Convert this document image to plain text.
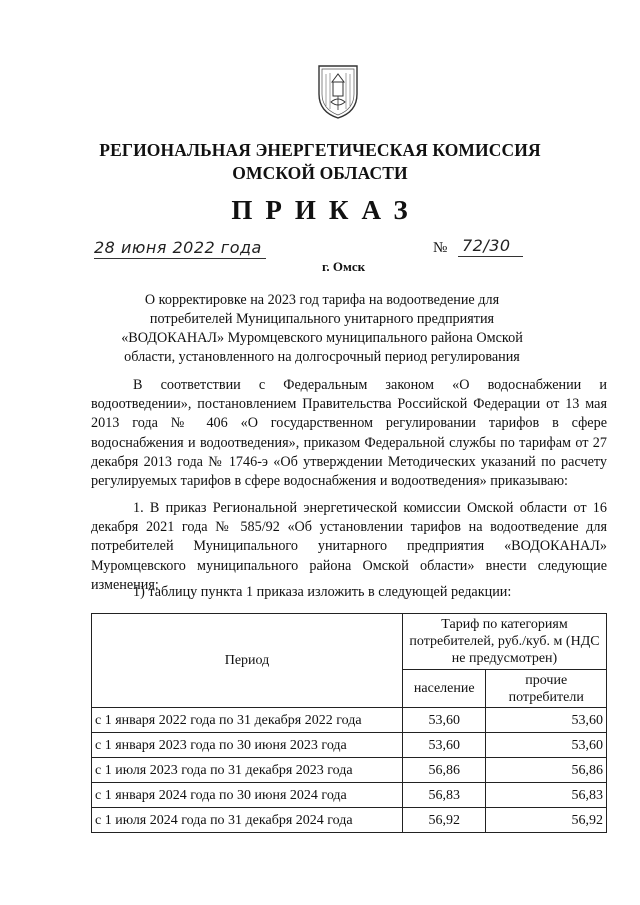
РЕГИОНАЛЬНАЯ ЭНЕРГЕТИЧЕСКАЯ КОМИССИЯ
ОМСКОЙ ОБЛАСТИ
ПРИКАЗ
28 июня 2022 года	№ 72/30
г. Омск
О корректировке на 2023 год тарифа на водоотведение для потребителей Муниципального унитарного предприятия «ВОДОКАНАЛ» Муромцевского муниципального района Омской области, установленного на долгосрочный период регулирования
В соответствии с Федеральным законом «О водоснабжении и водоотведении», постановлением Правительства Российской Федерации от 13 мая 2013 года № 406 «О государственном регулировании тарифов в сфере водоснабжения и водоотведения», приказом Федеральной службы по тарифам от 27 декабря 2013 года № 1746-э «Об утверждении Методических указаний по расчету регулируемых тарифов в сфере водоснабжения и водоотведения» приказываю:
1. В приказ Региональной энергетической комиссии Омской области от 16 декабря 2021 года № 585/92 «Об установлении тарифов на водоотведение для потребителей Муниципального унитарного предприятия «ВОДОКАНАЛ» Муромцевского муниципального района Омской области» внести следующие изменения:
1) таблицу пункта 1 приказа изложить в следующей редакции:
Период	Тариф по категориям потребителей, руб./куб. м (НДС не предусмотрен)	
	население	прочие потребители
с 1 января 2022 года по 31 декабря 2022 года	53,60	53,60
с 1 января 2023 года по 30 июня 2023 года	53,60	53,60
с 1 июля 2023 года по 31 декабря 2023 года	56,86	56,86
с 1 января 2024 года по 30 июня 2024 года	56,83	56,83
с 1 июля 2024 года по 31 декабря 2024 года	56,92	56,92
